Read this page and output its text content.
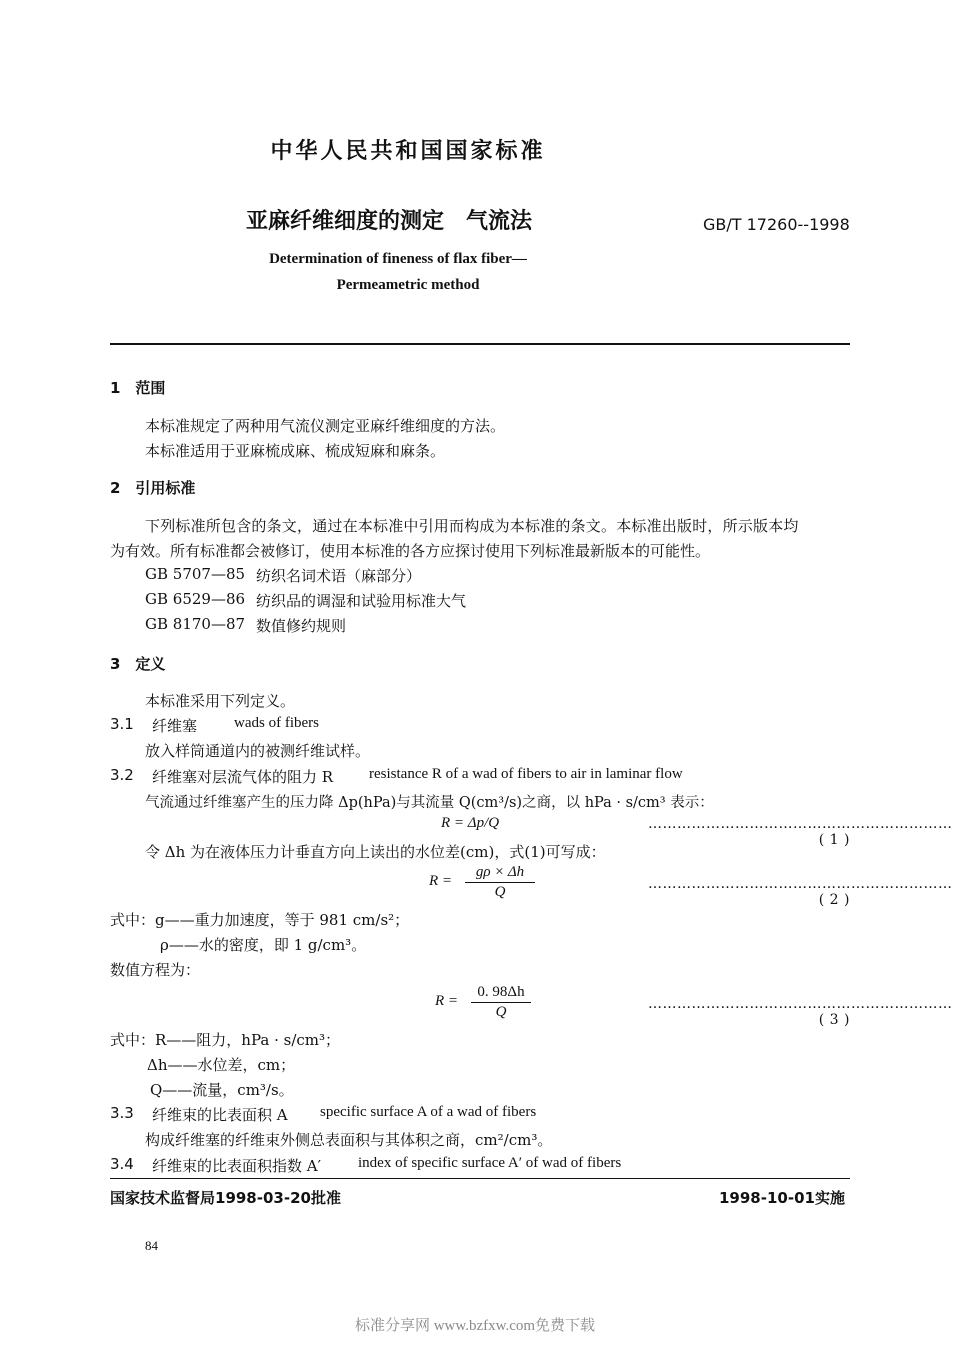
中华人民共和国国家标准
亚麻纤维细度的测定　气流法	GB/T 17260--1998
Determination of fineness of flax fiber—
Permeametric method
1　范围
本标准规定了两种用气流仪测定亚麻纤维细度的方法。
本标准适用于亚麻梳成麻、梳成短麻和麻条。
2　引用标准
下列标准所包含的条文，通过在本标准中引用而构成为本标准的条文。本标准出版时，所示版本均
为有效。所有标准都会被修订，使用本标准的各方应探讨使用下列标准最新版本的可能性。
GB 5707—85 纺织名词术语（麻部分）
GB 6529—86 纺织品的调湿和试验用标准大气
GB 8170—87 数值修约规则
3　定义
本标准采用下列定义。
3.1 纤维塞 wads of fibers
放入样筒通道内的被测纤维试样。
3.2 纤维塞对层流气体的阻力 R resistance R of a wad of fibers to air in laminar flow
气流通过纤维塞产生的压力降 Δp(hPa)与其流量 Q(cm³/s)之商，以 hPa · s/cm³ 表示：
R = Δp/Q	………………………………………………………( 1 )
令 Δh 为在液体压力计垂直方向上读出的水位差(cm)，式(1)可写成：
$R = \frac{g\rho \times \Delta h}{Q}$	………………………………………………………( 2 )
式中：g——重力加速度，等于 981 cm/s²；
ρ——水的密度，即 1 g/cm³。
数值方程为：
$R = \frac{0. 98\Delta h}{Q}$	………………………………………………………( 3 )
式中：R——阻力，hPa · s/cm³；
Δh——水位差，cm；
Q——流量，cm³/s。
3.3 纤维束的比表面积 A specific surface A of a wad of fibers
构成纤维塞的纤维束外侧总表面积与其体积之商，cm²/cm³。
3.4 纤维束的比表面积指数 A′ index of specific surface A′ of wad of fibers
国家技术监督局1998-03-20批准	1998-10-01实施
84
标准分享网 www.bzfxw.com免费下载
